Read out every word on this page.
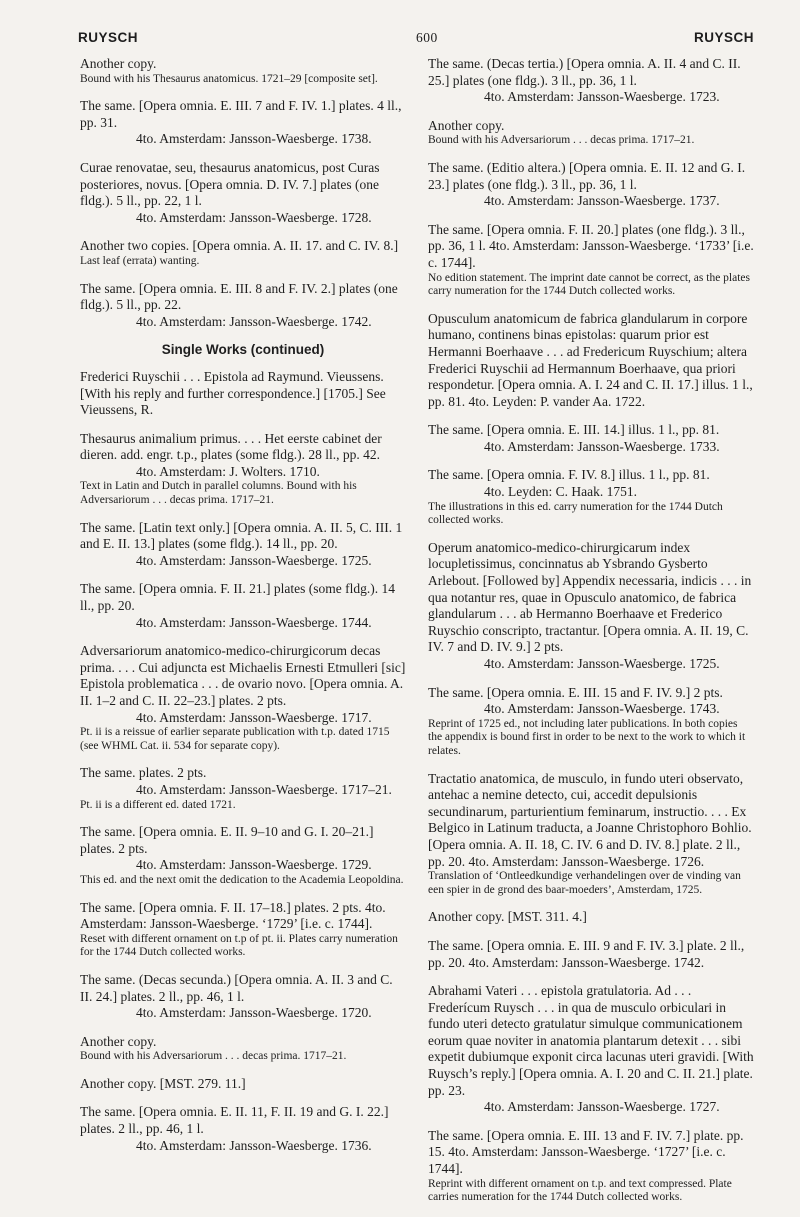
RUYSCH	600	RUYSCH

Another copy.

Bound with his Thesaurus anatomicus. 1721–29 [composite set].

The same. [Opera omnia. E. III. 7 and F. IV. 1.] plates. 4 ll., pp. 31.

4to. Amsterdam: Jansson-Waesberge. 1738.

Curae renovatae, seu, thesaurus anatomicus, post Curas posteriores, novus. [Opera omnia. D. IV. 7.] plates (one fldg.). 5 ll., pp. 22, 1 l.

4to. Amsterdam: Jansson-Waesberge. 1728.

Another two copies. [Opera omnia. A. II. 17. and C. IV. 8.]

Last leaf (errata) wanting.

The same. [Opera omnia. E. III. 8 and F. IV. 2.] plates (one fldg.). 5 ll., pp. 22.

4to. Amsterdam: Jansson-Waesberge. 1742.

Single Works (continued)

Frederici Ruyschii . . . Epistola ad Raymund. Vieussens. [With his reply and further correspondence.] [1705.] See Vieussens, R.

Thesaurus animalium primus. . . . Het eerste cabinet der dieren. add. engr. t.p., plates (some fldg.). 28 ll., pp. 42.

4to. Amsterdam: J. Wolters. 1710.

Text in Latin and Dutch in parallel columns. Bound with his Adversariorum . . . decas prima. 1717–21.

The same. [Latin text only.] [Opera omnia. A. II. 5, C. III. 1 and E. II. 13.] plates (some fldg.). 14 ll., pp. 20.

4to. Amsterdam: Jansson-Waesberge. 1725.

The same. [Opera omnia. F. II. 21.] plates (some fldg.). 14 ll., pp. 20.

4to. Amsterdam: Jansson-Waesberge. 1744.

Adversariorum anatomico-medico-chirurgicorum decas prima. . . . Cui adjuncta est Michaelis Ernesti Etmulleri [sic] Epistola problematica . . . de ovario novo. [Opera omnia. A. II. 1–2 and C. II. 22–23.] plates. 2 pts.

4to. Amsterdam: Jansson-Waesberge. 1717.

Pt. ii is a reissue of earlier separate publication with t.p. dated 1715 (see WHML Cat. ii. 534 for separate copy).

The same. plates. 2 pts.

4to. Amsterdam: Jansson-Waesberge. 1717–21.

Pt. ii is a different ed. dated 1721.

The same. [Opera omnia. E. II. 9–10 and G. I. 20–21.] plates. 2 pts.

4to. Amsterdam: Jansson-Waesberge. 1729.

This ed. and the next omit the dedication to the Academia Leopoldina.

The same. [Opera omnia. F. II. 17–18.] plates. 2 pts. 4to. Amsterdam: Jansson-Waesberge. ‘1729’ [i.e. c. 1744].

Reset with different ornament on t.p of pt. ii. Plates carry numeration for the 1744 Dutch collected works.

The same. (Decas secunda.) [Opera omnia. A. II. 3 and C. II. 24.] plates. 2 ll., pp. 46, 1 l.

4to. Amsterdam: Jansson-Waesberge. 1720.

Another copy.

Bound with his Adversariorum . . . decas prima. 1717–21.

Another copy. [MST. 279. 11.]

The same. [Opera omnia. E. II. 11, F. II. 19 and G. I. 22.] plates. 2 ll., pp. 46, 1 l.

4to. Amsterdam: Jansson-Waesberge. 1736.

The same. (Decas tertia.) [Opera omnia. A. II. 4 and C. II. 25.] plates (one fldg.). 3 ll., pp. 36, 1 l.

4to. Amsterdam: Jansson-Waesberge. 1723.

Another copy.

Bound with his Adversariorum . . . decas prima. 1717–21.

The same. (Editio altera.) [Opera omnia. E. II. 12 and G. I. 23.] plates (one fldg.). 3 ll., pp. 36, 1 l.

4to. Amsterdam: Jansson-Waesberge. 1737.

The same. [Opera omnia. F. II. 20.] plates (one fldg.). 3 ll., pp. 36, 1 l. 4to. Amsterdam: Jansson-Waesberge. ‘1733’ [i.e. c. 1744].

No edition statement. The imprint date cannot be correct, as the plates carry numeration for the 1744 Dutch collected works.

Opusculum anatomicum de fabrica glandularum in corpore humano, continens binas epistolas: quarum prior est Hermanni Boerhaave . . . ad Fredericum Ruyschium; altera Frederici Ruyschii ad Hermannum Boerhaave, qua priori respondetur. [Opera omnia. A. I. 24 and C. II. 17.] illus. 1 l., pp. 81. 4to. Leyden: P. vander Aa. 1722.

The same. [Opera omnia. E. III. 14.] illus. 1 l., pp. 81.

4to. Amsterdam: Jansson-Waesberge. 1733.

The same. [Opera omnia. F. IV. 8.] illus. 1 l., pp. 81.

4to. Leyden: C. Haak. 1751.

The illustrations in this ed. carry numeration for the 1744 Dutch collected works.

Operum anatomico-medico-chirurgicarum index locupletissimus, concinnatus ab Ysbrando Gysberto Arlebout. [Followed by] Appendix necessaria, indicis . . . in qua notantur res, quae in Opusculo anatomico, de fabrica glandularum . . . ab Hermanno Boerhaave et Frederico Ruyschio conscripto, tractantur. [Opera omnia. A. II. 19, C. IV. 7 and D. IV. 9.] 2 pts.

4to. Amsterdam: Jansson-Waesberge. 1725.

The same. [Opera omnia. E. III. 15 and F. IV. 9.] 2 pts.

4to. Amsterdam: Jansson-Waesberge. 1743.

Reprint of 1725 ed., not including later publications. In both copies the appendix is bound first in order to be next to the work to which it relates.

Tractatio anatomica, de musculo, in fundo uteri observato, antehac a nemine detecto, cui, accedit depulsionis secundinarum, parturientium feminarum, instructio. . . . Ex Belgico in Latinum traducta, a Joanne Christophoro Bohlio. [Opera omnia. A. II. 18, C. IV. 6 and D. IV. 8.] plate. 2 ll., pp. 20. 4to. Amsterdam: Jansson-Waesberge. 1726.

Translation of ‘Ontleedkundige verhandelingen over de vinding van een spier in de grond des baar-moeders’, Amsterdam, 1725.

Another copy. [MST. 311. 4.]

The same. [Opera omnia. E. III. 9 and F. IV. 3.] plate. 2 ll., pp. 20. 4to. Amsterdam: Jansson-Waesberge. 1742.

Abrahami Vateri . . . epistola gratulatoria. Ad . . . Frederícum Ruysch . . . in qua de musculo orbiculari in fundo uteri detecto gratulatur simulque communicationem eorum quae noviter in anatomia plantarum detexit . . . sibi expetit dubiumque exponit circa lacunas uteri gravidi. [With Ruysch’s reply.] [Opera omnia. A. I. 20 and C. II. 21.] plate. pp. 23.

4to. Amsterdam: Jansson-Waesberge. 1727.

The same. [Opera omnia. E. III. 13 and F. IV. 7.] plate. pp. 15. 4to. Amsterdam: Jansson-Waesberge. ‘1727’ [i.e. c. 1744].

Reprint with different ornament on t.p. and text compressed. Plate carries numeration for the 1744 Dutch collected works.
